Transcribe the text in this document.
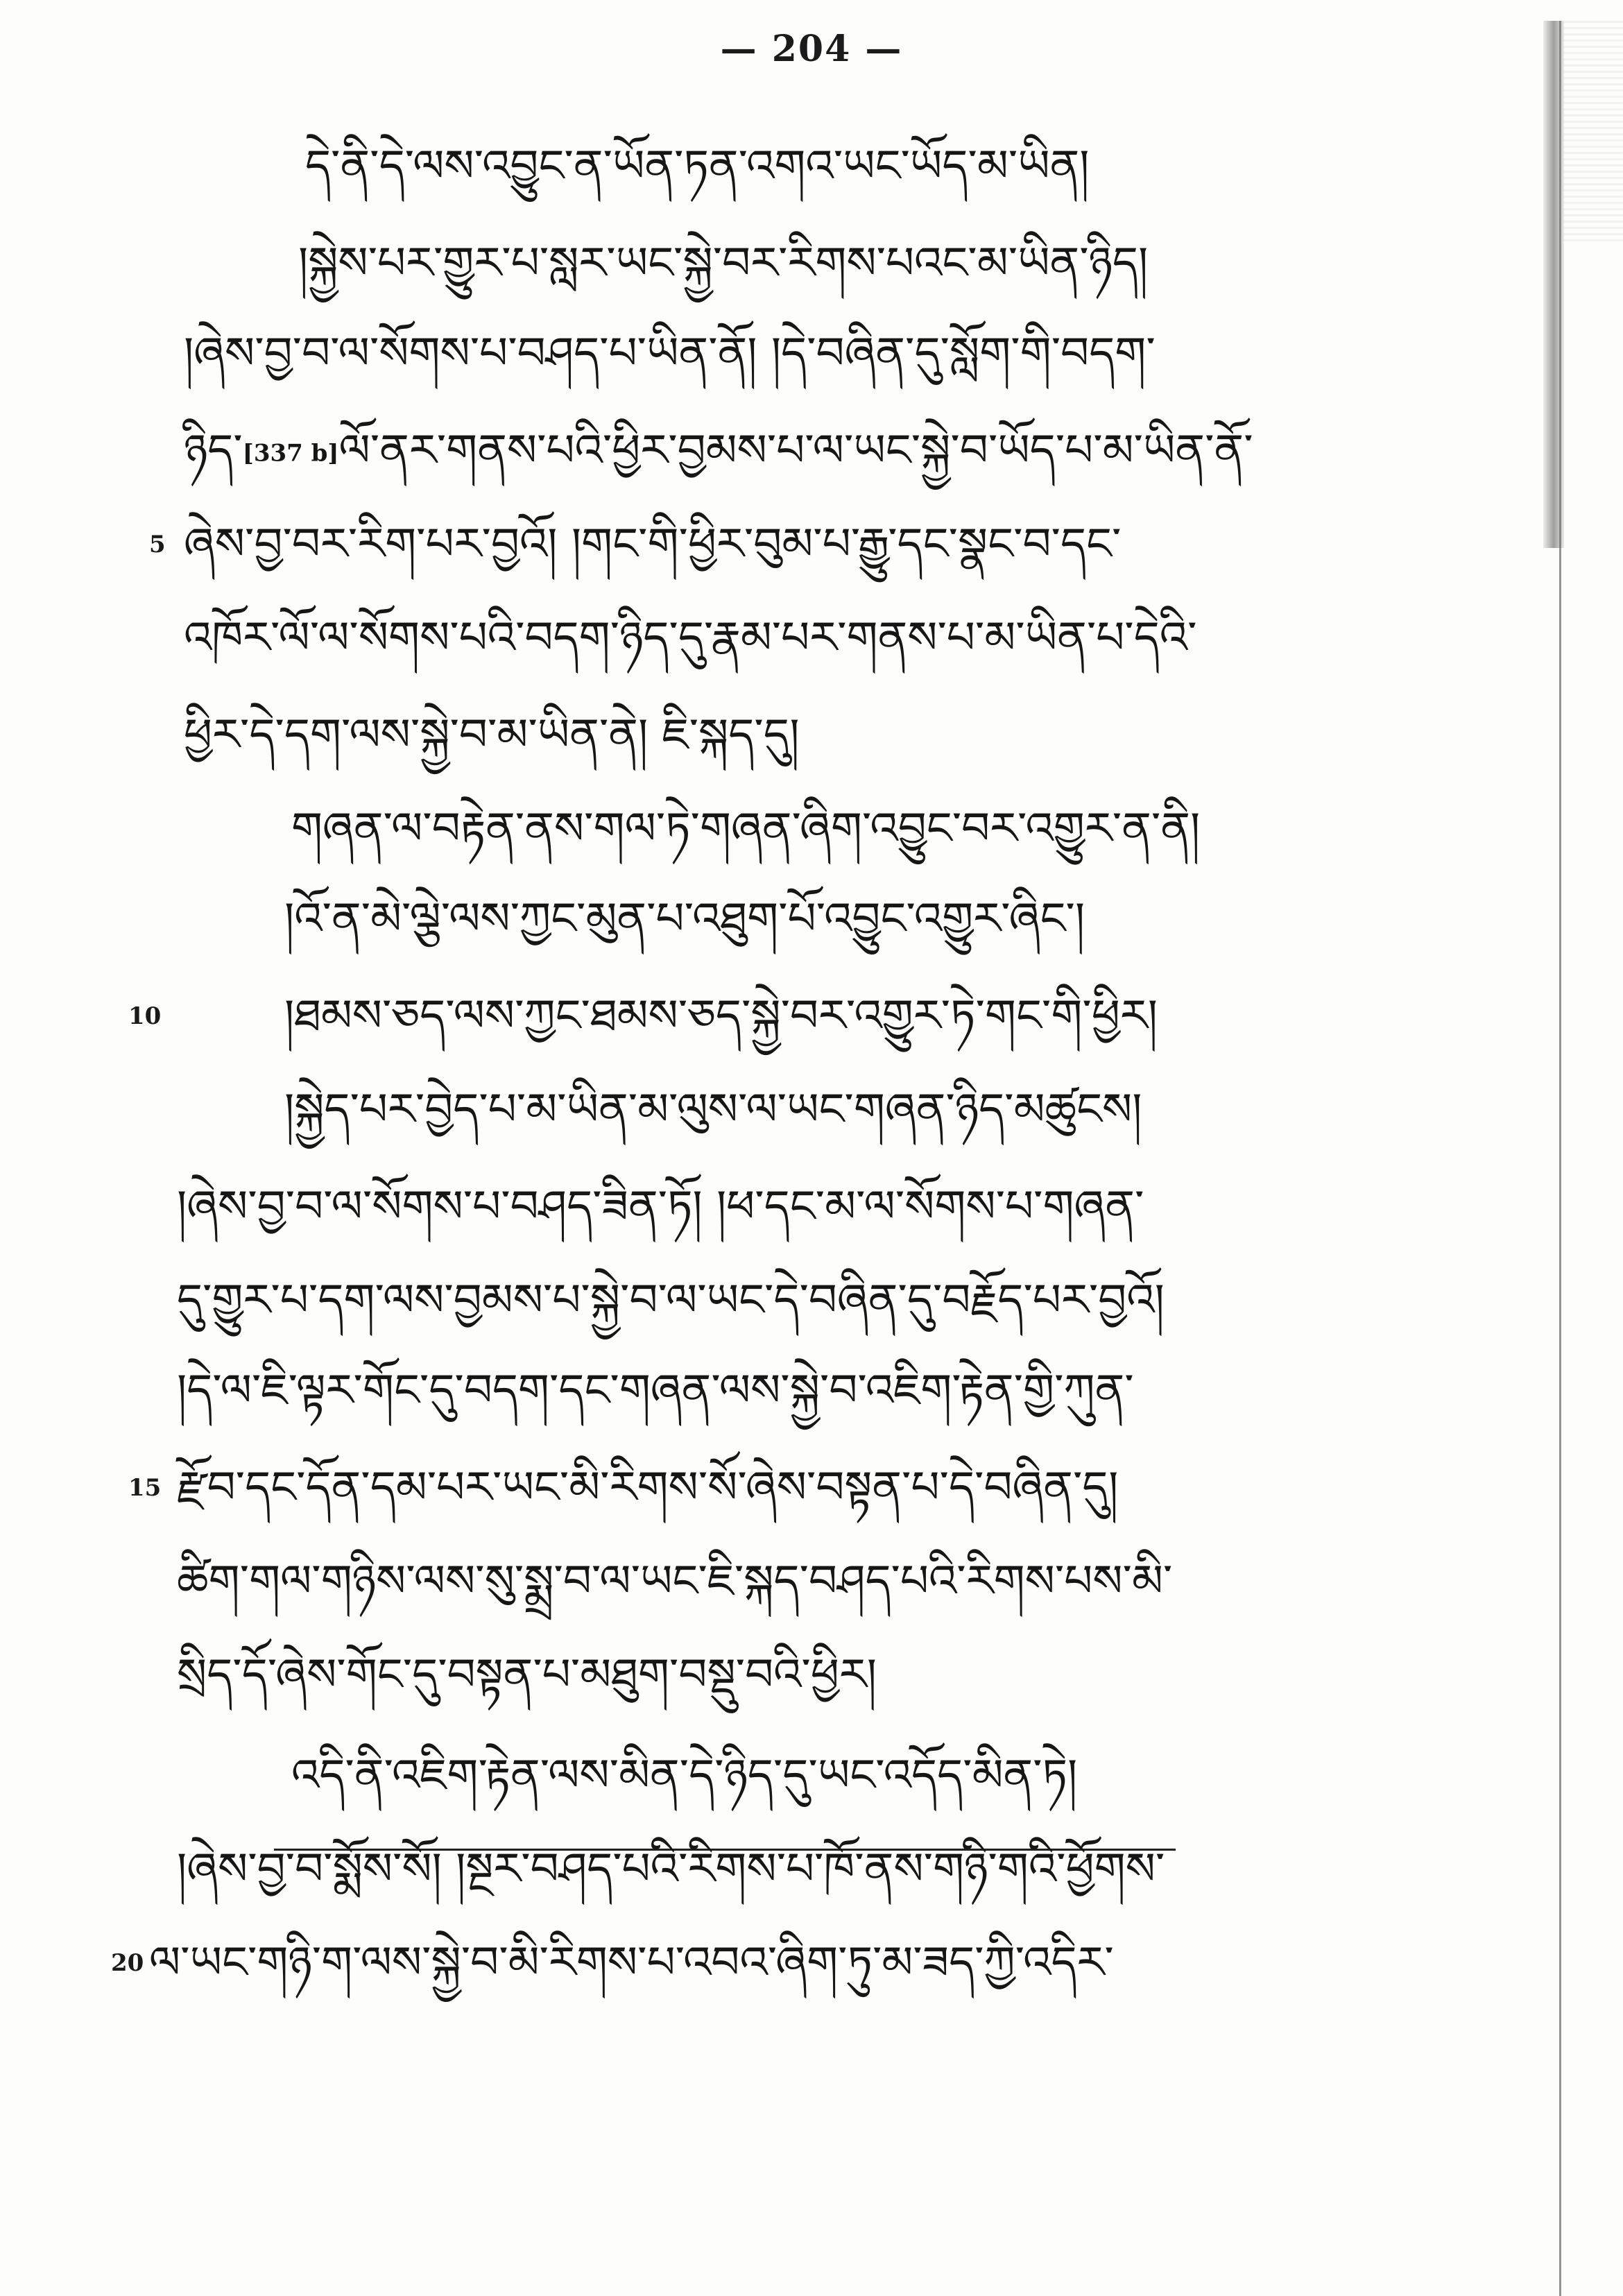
— 204 —
དེ་ནི་དེ་ལས་འབྱུང་ན་ཡོན་ཏན་འགའ་ཡང་ཡོད་མ་ཡིན།
།སྐྱེས་པར་གྱུར་པ་སླར་ཡང་སྐྱེ་བར་རིགས་པའང་མ་ཡིན་ཉིད།
།ཞེས་བྱ་བ་ལ་སོགས་པ་བཤད་པ་ཡིན་ནོ། །དེ་བཞིན་དུ་སློག་གི་བདག་
ཉིད་[337 b]ལོ་ནར་གནས་པའི་ཕྱིར་བྱམས་པ་ལ་ཡང་སྐྱེ་བ་ཡོད་པ་མ་ཡིན་ནོ་
5 ཞེས་བྱ་བར་རིག་པར་བྱའོ། །གང་གི་ཕྱིར་བུམ་པ་རྒྱུ་དང་སྣང་བ་དང་
འཁོར་ལོ་ལ་སོགས་པའི་བདག་ཉིད་དུ་རྣམ་པར་གནས་པ་མ་ཡིན་པ་དེའི་
ཕྱིར་དེ་དག་ལས་སྐྱེ་བ་མ་ཡིན་ནེ། ཇི་སྐད་དུ།
གཞན་ལ་བརྟེན་ནས་གལ་ཏེ་གཞན་ཞིག་འབྱུང་བར་འགྱུར་ན་ནི།
།འོ་ན་མེ་ལྕེ་ལས་ཀྱང་མུན་པ་འཐུག་པོ་འབྱུང་འགྱུར་ཞིང་།
10	།ཐམས་ཅད་ལས་ཀྱང་ཐམས་ཅད་སྐྱེ་བར་འགྱུར་ཏེ་གང་གི་ཕྱིར།
།སྐྱེད་པར་བྱེད་པ་མ་ཡིན་མ་ལུས་ལ་ཡང་གཞན་ཉིད་མཚུངས།
།ཞེས་བྱ་བ་ལ་སོགས་པ་བཤད་ཟིན་ཏོ། །ཕ་དང་མ་ལ་སོགས་པ་གཞན་
དུ་གྱུར་པ་དག་ལས་བྱམས་པ་སྐྱེ་བ་ལ་ཡང་དེ་བཞིན་དུ་བརྗོད་པར་བྱའོ།
།དེ་ལ་ཇི་ལྟར་གོང་དུ་བདག་དང་གཞན་ལས་སྐྱེ་བ་འཇིག་རྟེན་གྱི་ཀུན་
15 རྫོབ་དང་དོན་དམ་པར་ཡང་མི་རིགས་སོ་ཞེས་བསྟན་པ་དེ་བཞིན་དུ།
ཚིག་གལ་གཉིས་ལས་སུ་སྨྲ་བ་ལ་ཡང་ཇི་སྐད་བཤད་པའི་རིགས་པས་མི་
སྲིད་དོ་ཞེས་གོང་དུ་བསྟན་པ་མཐུག་བསྡུ་བའི་ཕྱིར།
འདི་ནི་འཇིག་རྟེན་ལས་མིན་དེ་ཉིད་དུ་ཡང་འདོད་མིན་ཏེ།
།ཞེས་བྱ་བ་སྨོས་སོ། །སྔར་བཤད་པའི་རིགས་པ་ཁོ་ནས་གཉི་གའི་ཕྱོགས་
20 ལ་ཡང་གཉི་ག་ལས་སྐྱེ་བ་མི་རིགས་པ་འབའ་ཞིག་ཏུ་མ་ཟད་ཀྱི་འདིར་
